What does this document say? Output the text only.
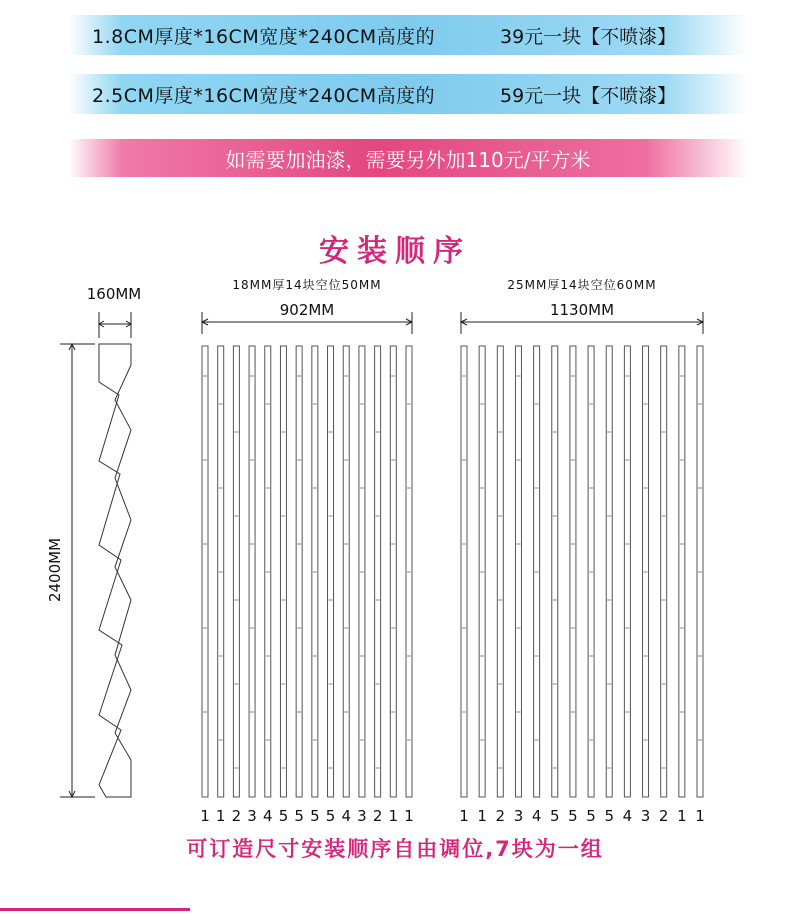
1.8CM厚度*16CM宽度*240CM高度的	39元一块【不喷漆】
2.5CM厚度*16CM宽度*240CM高度的	59元一块【不喷漆】
如需要加油漆，需要另外加110元/平方米
安装顺序
160MM
2400MM
18MM厚14块空位50MM
902MM
1 1 2 3 4 5 5 5 5 4 3 2 1 1
25MM厚14块空位60MM
1130MM
1 1 2 3 4 5 5 5 5 4 3 2 1 1
可订造尺寸安装顺序自由调位,7块为一组
